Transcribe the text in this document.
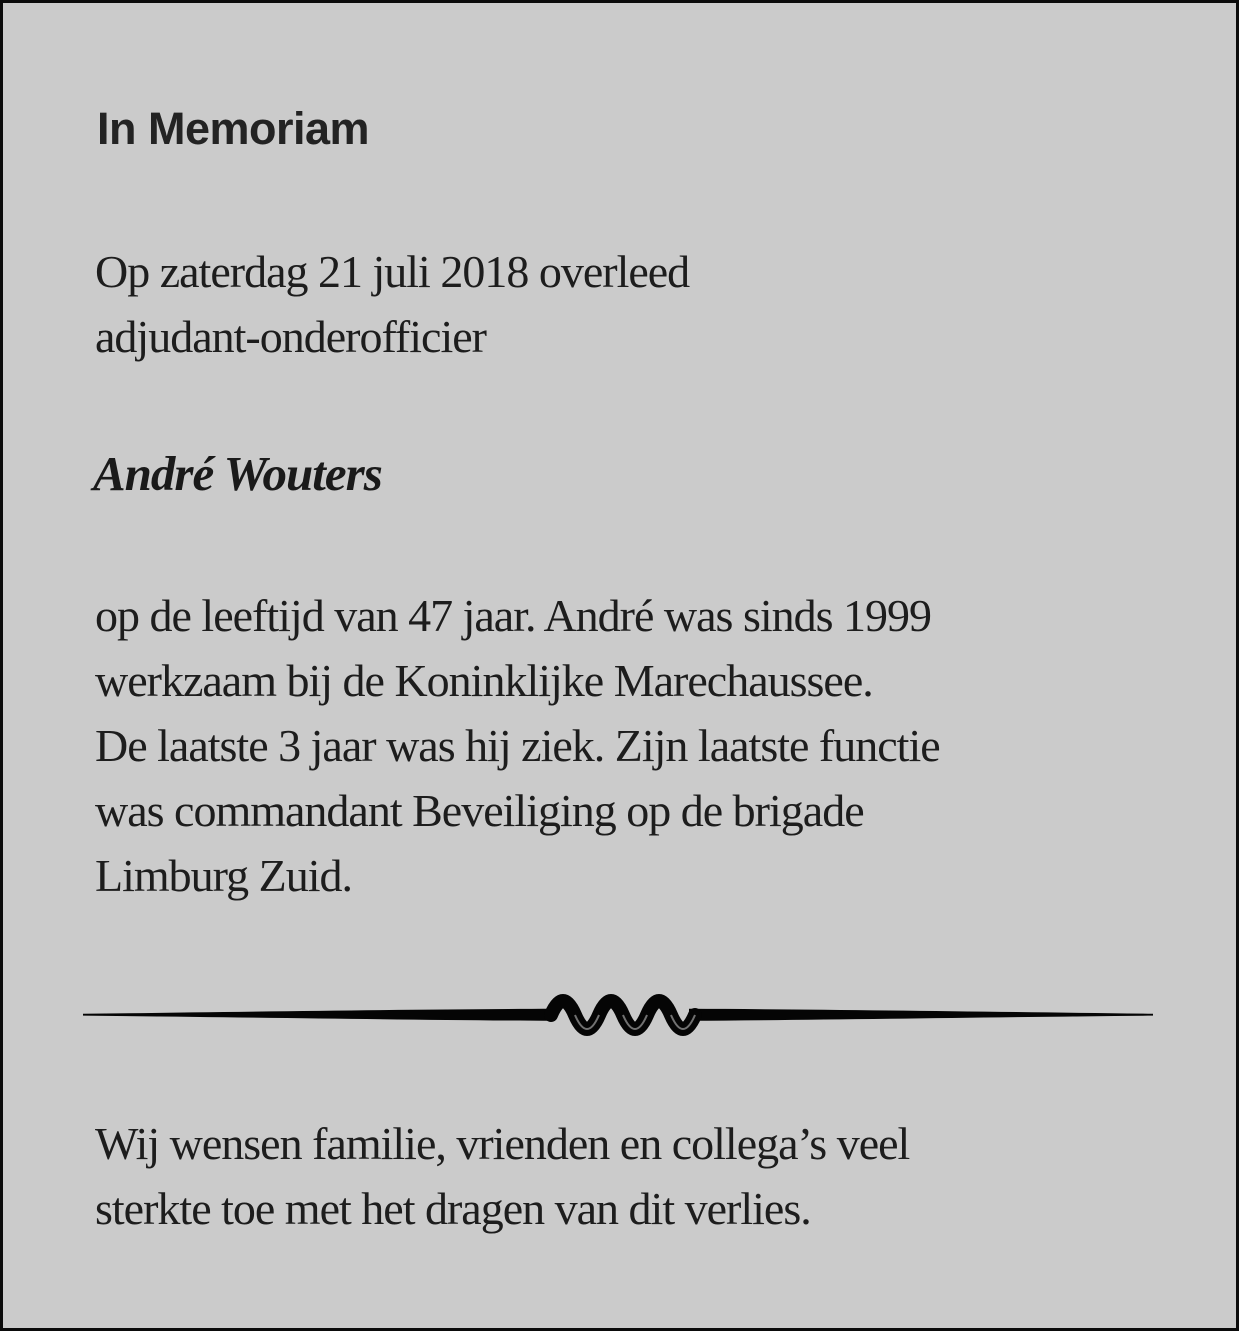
In Memoriam
Op zaterdag 21 juli 2018 overleed
adjudant-onderofficier
André Wouters
op de leeftijd van 47 jaar. André was sinds 1999
werkzaam bij de Koninklijke Marechaussee.
De laatste 3 jaar was hij ziek. Zijn laatste functie
was commandant Beveiliging op de brigade
Limburg Zuid.
Wij wensen familie, vrienden en collega’s veel
sterkte toe met het dragen van dit verlies.
